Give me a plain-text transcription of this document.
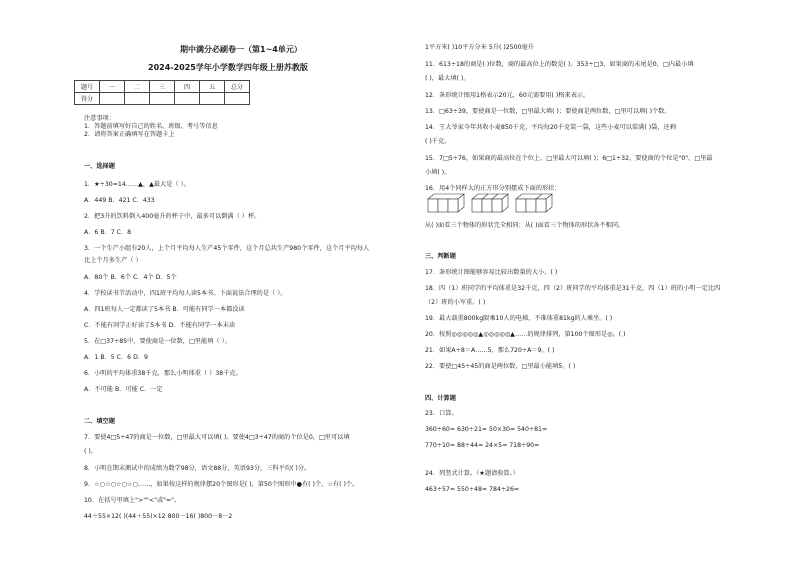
期中满分必刷卷一（第1~4单元）
2024-2025学年小学数学四年级上册苏教版
题号	一	二	三	四	五	总分
得分						
注意事项：
1．答题前填写好自己的姓名、班级、考号等信息
2．请将答案正确填写在答题卡上
一、选择题
1．★÷30=14……▲，▲最大是（ ）。
A．449 B．421 C．433
2．把3升的饮料倒入400毫升的杯子中，最多可以倒满（ ）杯。
A．6 B．7 C．8
3．一个生产小组有20人，上个月平均每人生产45个零件，这个月总共生产980个零件，这个月平均每人
比上个月多生产（ ）
A．80个 B．6个 C．4个 D．5个
4．学校读书节活动中，四1班平均每人读5本书。下面说法合理的是（ ）。
A．四1班每人一定都读了5本书 B．可能有同学一本都没读
C．不能有同学正好读了5本书 D．不能有同学一本未读
5．在□37÷85中，要使商是一位数，□里能填（ ）。
A．1 B．5 C．6 D．9
6．小明的平均体重38千克，那么小明体重（ ）38千克。
A．不可能 B．可能 C．一定
二、填空题
7．要使4□5÷47的商是一位数，□里最大可以填( )。要使4□3÷47的商的个位是0，□里可以填
( )。
8．小明在期末测试中的成绩为数学98分，语文88分，英语93分，三科平均( )分。
9．☆○☆○☆○☆○……，如果按这样的规律摆20个图形是( )，第50个图形中●有( )个，☆有( )个。
10．在括号里填上">""<"或"="。
44＋55×12( )(44＋55)×12 800－16( )800－8－2
1平方米( )10平方分米 5升( )2500毫升
11．613÷18的商是( )位数，商的最高位上的数是( )。353÷□3，如果商的末尾是0，□内最小填
( )，最大填( )。
12．条形统计图用1格表示20元，60元需要用( )格来表示。
13．□63÷39，要使商是一位数，□里最大填( )；要使商是两位数，□里可以填( )个数。
14．王大爷家今年共收小麦850千克，平均每20千克装一袋，这些小麦可以装满( )袋，还剩
( )千克。
15．7□5÷76，如果商的最高位在个位上，□里最大可以填( )；6□1÷32，要使商的个位是"0"，□里最
小填( )。
16．用4个同样大的正方形分别摆成下面的形状：
从( )面看三个物体的形状完全相同；从( )面看三个物体的形状各不相同。
三、判断题
17．条形统计图能够容易比较出数量的大小。( )
18．四（1）班同学的平均体重是32千克，四（2）班同学的平均体重是31千克，四（1）班的小明一定比四
（2）班的小军重。( )
19．最大载重800kg限乘10人的电梯，不准体重81kg的人乘坐。( )
20．按照◎◎◎◎◎▲◎◎◎◎◎▲……的规律排列，第100个图形是◎。( )
21．如果A÷8＝A……5，那么720÷A＝9。( )
22．要使□45÷45的商是两位数，□里最小能填5。( )
四、计算题
23．口算。
360÷60= 630÷21= 50×30= 540÷81=
770÷10= 88÷44= 24×5= 718÷90=
24．列竖式计算。（★题请验算。）
463÷57= 550÷48= 784÷26=
